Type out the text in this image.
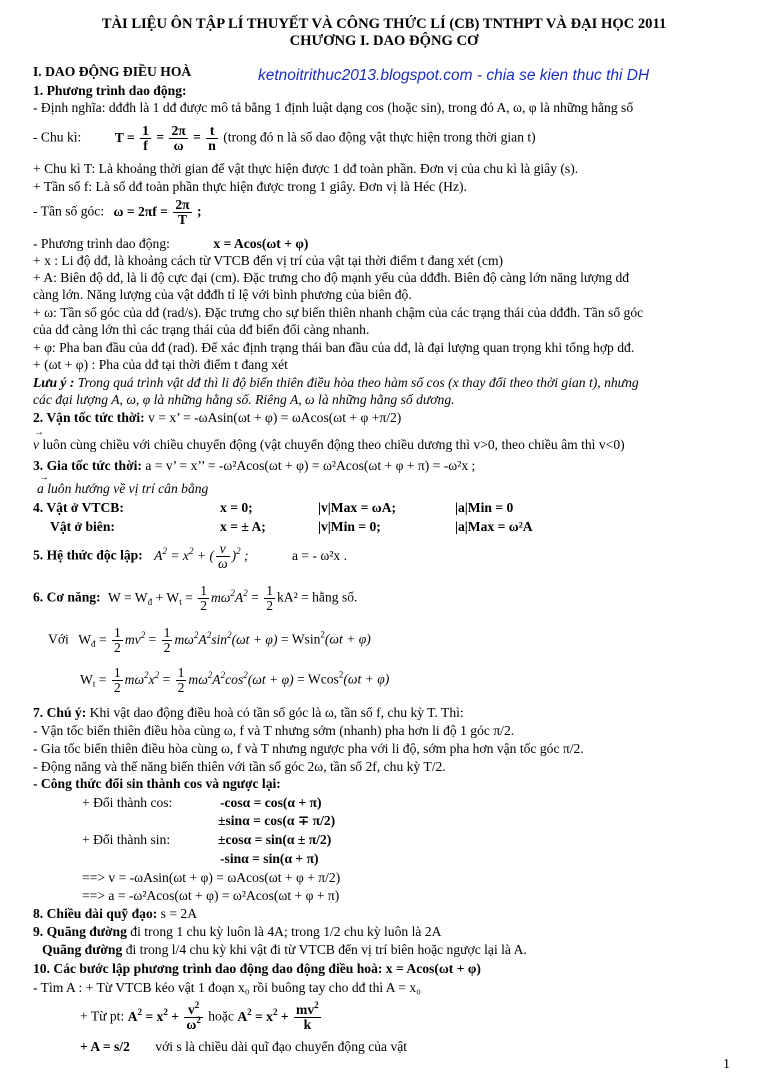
TÀI LIỆU ÔN TẬP LÍ THUYẾT VÀ CÔNG THỨC LÍ (CB) TNTHPT VÀ ĐẠI HỌC 2011
CHƯƠNG I. DAO ĐỘNG CƠ
I. DAO ĐỘNG ĐIỀU HOÀ	ketnoitrithuc2013.blogspot.com - chia se kien thuc thi DH
1. Phương trình dao động:
- Định nghĩa: dđđh là 1 dđ được mô tả bằng 1 định luật dạng cos (hoặc sin), trong đó A, ω, φ là những hằng số
- Chu kì: $T = \frac{1}{f} = \frac{2\pi}{\omega} = \frac{t}{n}$ (trong đó n là số dao động vật thực hiện trong thời gian t)
+ Chu kì T: Là khoảng thời gian để vật thực hiện được 1 dđ toàn phần. Đơn vị của chu kì là giây (s).
+ Tần số f: Là số dđ toàn phần thực hiện được trong 1 giây. Đơn vị là Héc (Hz).
- Tần số góc: $\omega = 2\pi f = \frac{2\pi}{T}$ ;
- Phương trình dao động:	x = Acos(ωt + φ)
+ x : Li độ dđ, là khoảng cách từ VTCB đến vị trí của vật tại thời điểm t đang xét (cm)
+ A: Biên độ dđ, là li độ cực đại (cm). Đặc trưng cho độ mạnh yếu của dđđh. Biên độ càng lớn năng lượng dđ
càng lớn. Năng lượng của vật dđđh tỉ lệ với bình phương của biên độ.
+ ω: Tần số góc của dđ (rad/s). Đặc trưng cho sự biến thiên nhanh chậm của các trạng thái của dđđh. Tần số góc
của dđ càng lớn thì các trạng thái của dđ biến đổi càng nhanh.
+ φ: Pha ban đầu của dđ (rad). Để xác định trạng thái ban đầu của dđ, là đại lượng quan trọng khi tổng hợp dđ.
+ (ωt + φ) : Pha của dđ tại thời điểm t đang xét
Lưu ý : Trong quá trình vật dđ thì li độ biến thiên điều hòa theo hàm số cos (x thay đổi theo thời gian t), nhưng
các đại lượng A, ω, φ là những hằng số. Riêng A, ω là những hằng số dương.
2. Vận tốc tức thời: v = x’ = -ωAsin(ωt + φ) = ωAcos(ωt + φ +π/2)
→
v luôn cùng chiều với chiều chuyển động (vật chuyển động theo chiều dương thì v>0, theo chiều âm thì v<0)
3. Gia tốc tức thời: a = v’ = x’’ = -ω²Acos(ωt + φ) = ω²Acos(ωt + φ + π) = -ω²x ;
→
a luôn hướng về vị trí cân bằng
4. Vật ở VTCB:	x = 0;	|v|Max = ωA;	|a|Min = 0
Vật ở biên:	x = ± A;	|v|Min = 0;	|a|Max = ω²A
5. Hệ thức độc lập: $A^2 = x^2$ + ( $\frac{v}{\omega} )^2$ ;	a = - ω²x .
6. Cơ năng: $W = W_đ + W_t = \frac{1}{2} m\omega^2A^2 = \frac{1}{2} kA^2$ = hằng số.
Với $W_đ = \frac{1}{2} mv^2 = \frac{1}{2} m\omega^2A^2\sin^2(\omega t + \varphi) = Wsin^2(\omega t + \varphi)$
$W_t = \frac{1}{2} m\omega^2x^2 = \frac{1}{2} m\omega^2A^2\cos^2(\omega t + \varphi) = Wcos^2(\omega t + \varphi)$
7. Chú ý: Khi vật dao động điều hoà có tần số góc là ω, tần số f, chu kỳ T. Thì:
- Vận tốc biến thiên điều hòa cùng ω, f và T nhưng sớm (nhanh) pha hơn li độ 1 góc π/2.
- Gia tốc biến thiên điều hòa cùng ω, f và T nhưng ngược pha với li độ, sớm pha hơn vận tốc góc π/2.
- Động năng và thế năng biến thiên với tần số góc 2ω, tần số 2f, chu kỳ T/2.
- Công thức đổi sin thành cos và ngược lại:
+ Đổi thành cos:	-cosα = cos(α + π)
±sinα = cos(α ∓ π/2)
+ Đổi thành sin:	±cosα = sin(α ± π/2)
-sinα = sin(α + π)
==> v = -ωAsin(ωt + φ) = ωAcos(ωt + φ + π/2)
==> a = -ω²Acos(ωt + φ) = ω²Acos(ωt + φ + π)
8. Chiều dài quỹ đạo: s = 2A
9. Quãng đường đi trong 1 chu kỳ luôn là 4A; trong 1/2 chu kỳ luôn là 2A
Quãng đường đi trong l/4 chu kỳ khi vật đi từ VTCB đến vị trí biên hoặc ngược lại là A.
10. Các bước lập phương trình dao động dao động điều hoà: x = Acos(ωt + φ)
- Tìm A : + Từ VTCB kéo vật 1 đoạn x₀ rồi buông tay cho dđ thì A = x₀
+ Từ pt: $A^2 = x^2 + \frac{v^2}{\omega^2}$ hoặc $A^2 = x^2 + \frac{mv^2}{k}$
+ A = s/2 với s là chiều dài quĩ đạo chuyển động của vật
1
